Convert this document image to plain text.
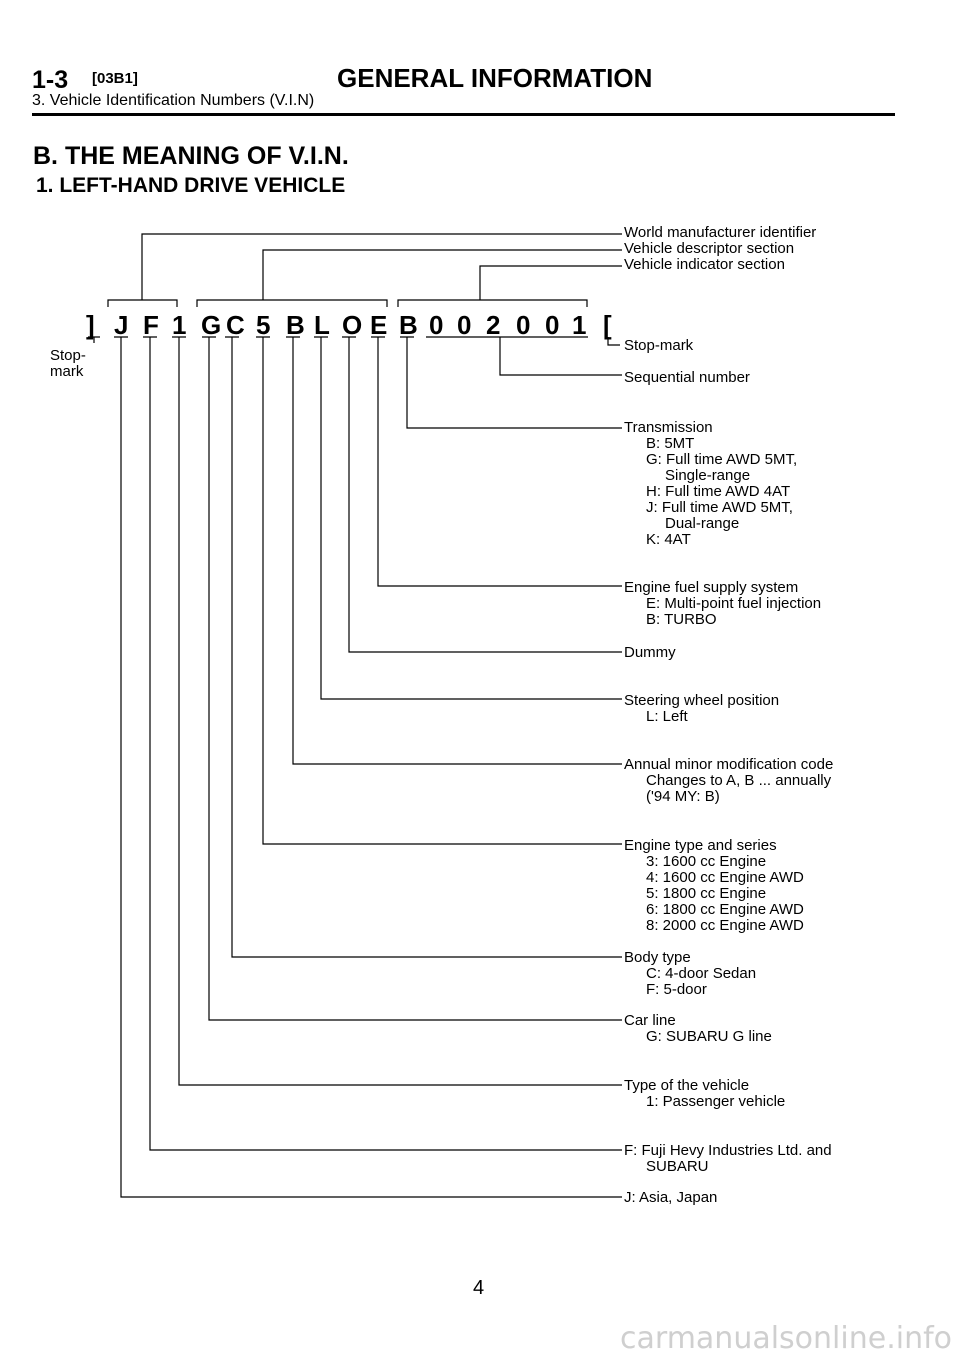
1-3 [03B1]	GENERAL INFORMATION
3. Vehicle Identification Numbers (V.I.N)
B. THE MEANING OF V.I.N.
1. LEFT-HAND DRIVE VEHICLE
] J F 1 G C 5 B L O E B 0 0 2 0 0 1 [
Stop-
mark
World manufacturer identifier
Vehicle descriptor section
Vehicle indicator section
Stop-mark
Sequential number
Transmission
B: 5MT
G: Full time AWD 5MT,
Single-range
H: Full time AWD 4AT
J: Full time AWD 5MT,
Dual-range
K: 4AT
Engine fuel supply system
E: Multi-point fuel injection
B: TURBO
Dummy
Steering wheel position
L: Left
Annual minor modification code
Changes to A, B ... annually
('94 MY: B)
Engine type and series
3: 1600 cc Engine
4: 1600 cc Engine AWD
5: 1800 cc Engine
6: 1800 cc Engine AWD
8: 2000 cc Engine AWD
Body type
C: 4-door Sedan
F: 5-door
Car line
G: SUBARU G line
Type of the vehicle
1: Passenger vehicle
F: Fuji Hevy Industries Ltd. and
SUBARU
J: Asia, Japan
4
carmanualsonline.info
